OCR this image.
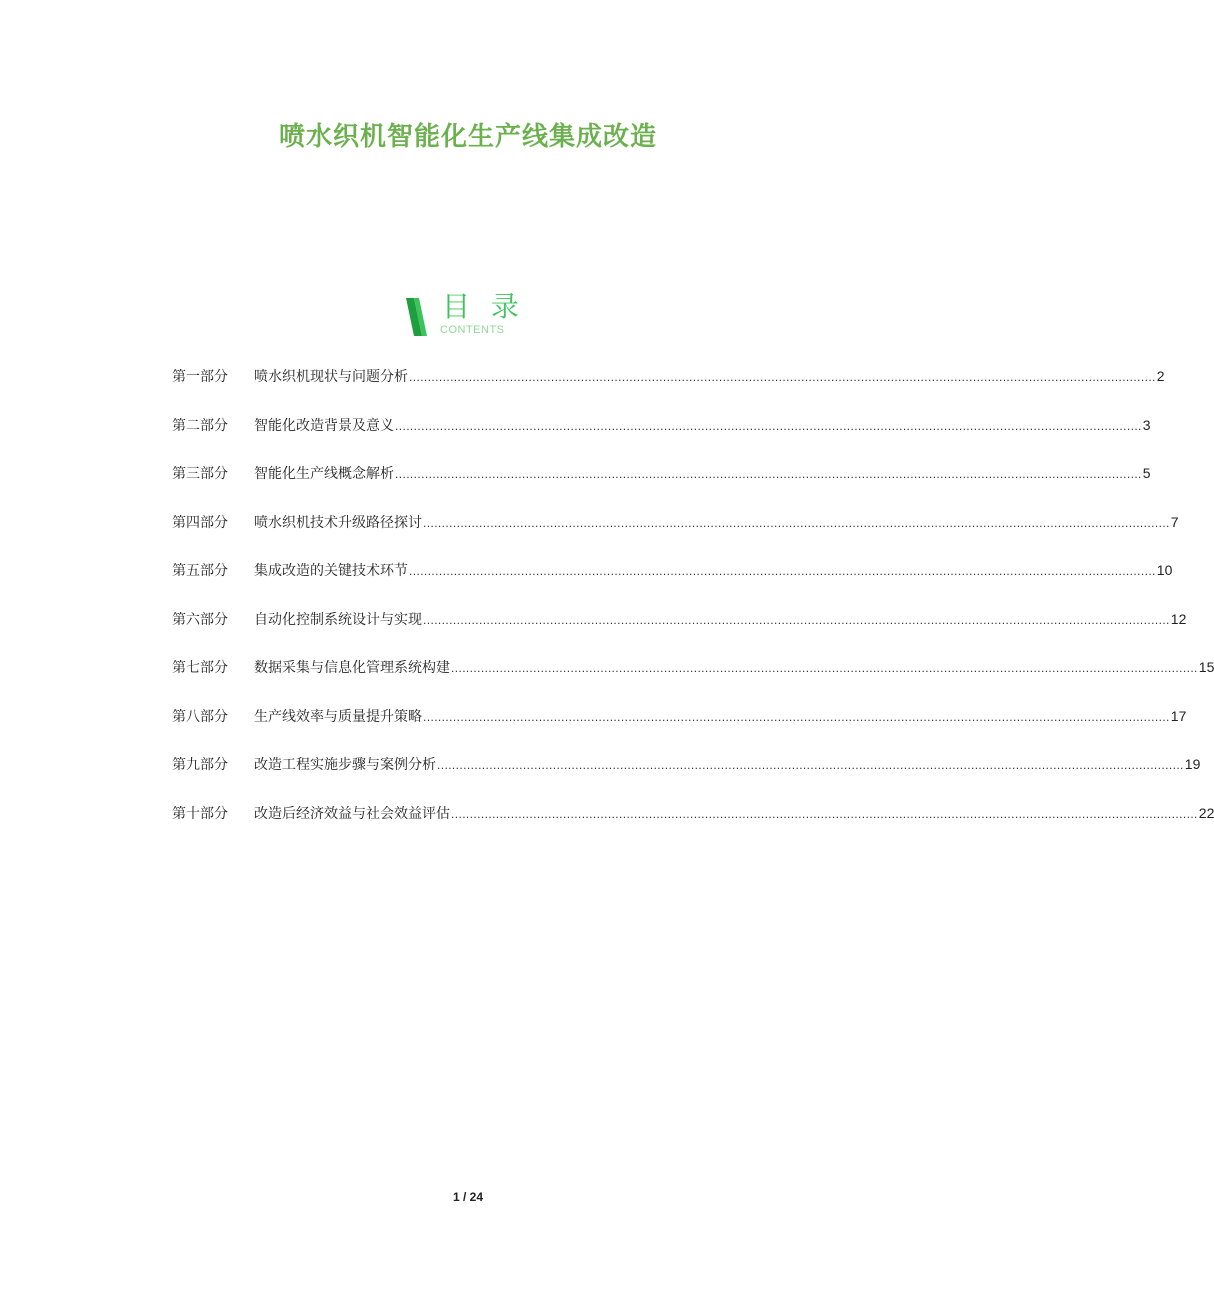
喷水织机智能化生产线集成改造
目 录
CONTENTS
第一部分	喷水织机现状与问题分析 ........................................................................................................................................................................................................ 2
第二部分	智能化改造背景及意义 ........................................................................................................................................................................................................ 3
第三部分	智能化生产线概念解析 ........................................................................................................................................................................................................ 5
第四部分	喷水织机技术升级路径探讨 ........................................................................................................................................................................................................ 7
第五部分	集成改造的关键技术环节 ........................................................................................................................................................................................................ 10
第六部分	自动化控制系统设计与实现 ........................................................................................................................................................................................................ 12
第七部分	数据采集与信息化管理系统构建 ........................................................................................................................................................................................................ 15
第八部分	生产线效率与质量提升策略 ........................................................................................................................................................................................................ 17
第九部分	改造工程实施步骤与案例分析 ........................................................................................................................................................................................................ 19
第十部分	改造后经济效益与社会效益评估 ........................................................................................................................................................................................................ 22
1 / 24
